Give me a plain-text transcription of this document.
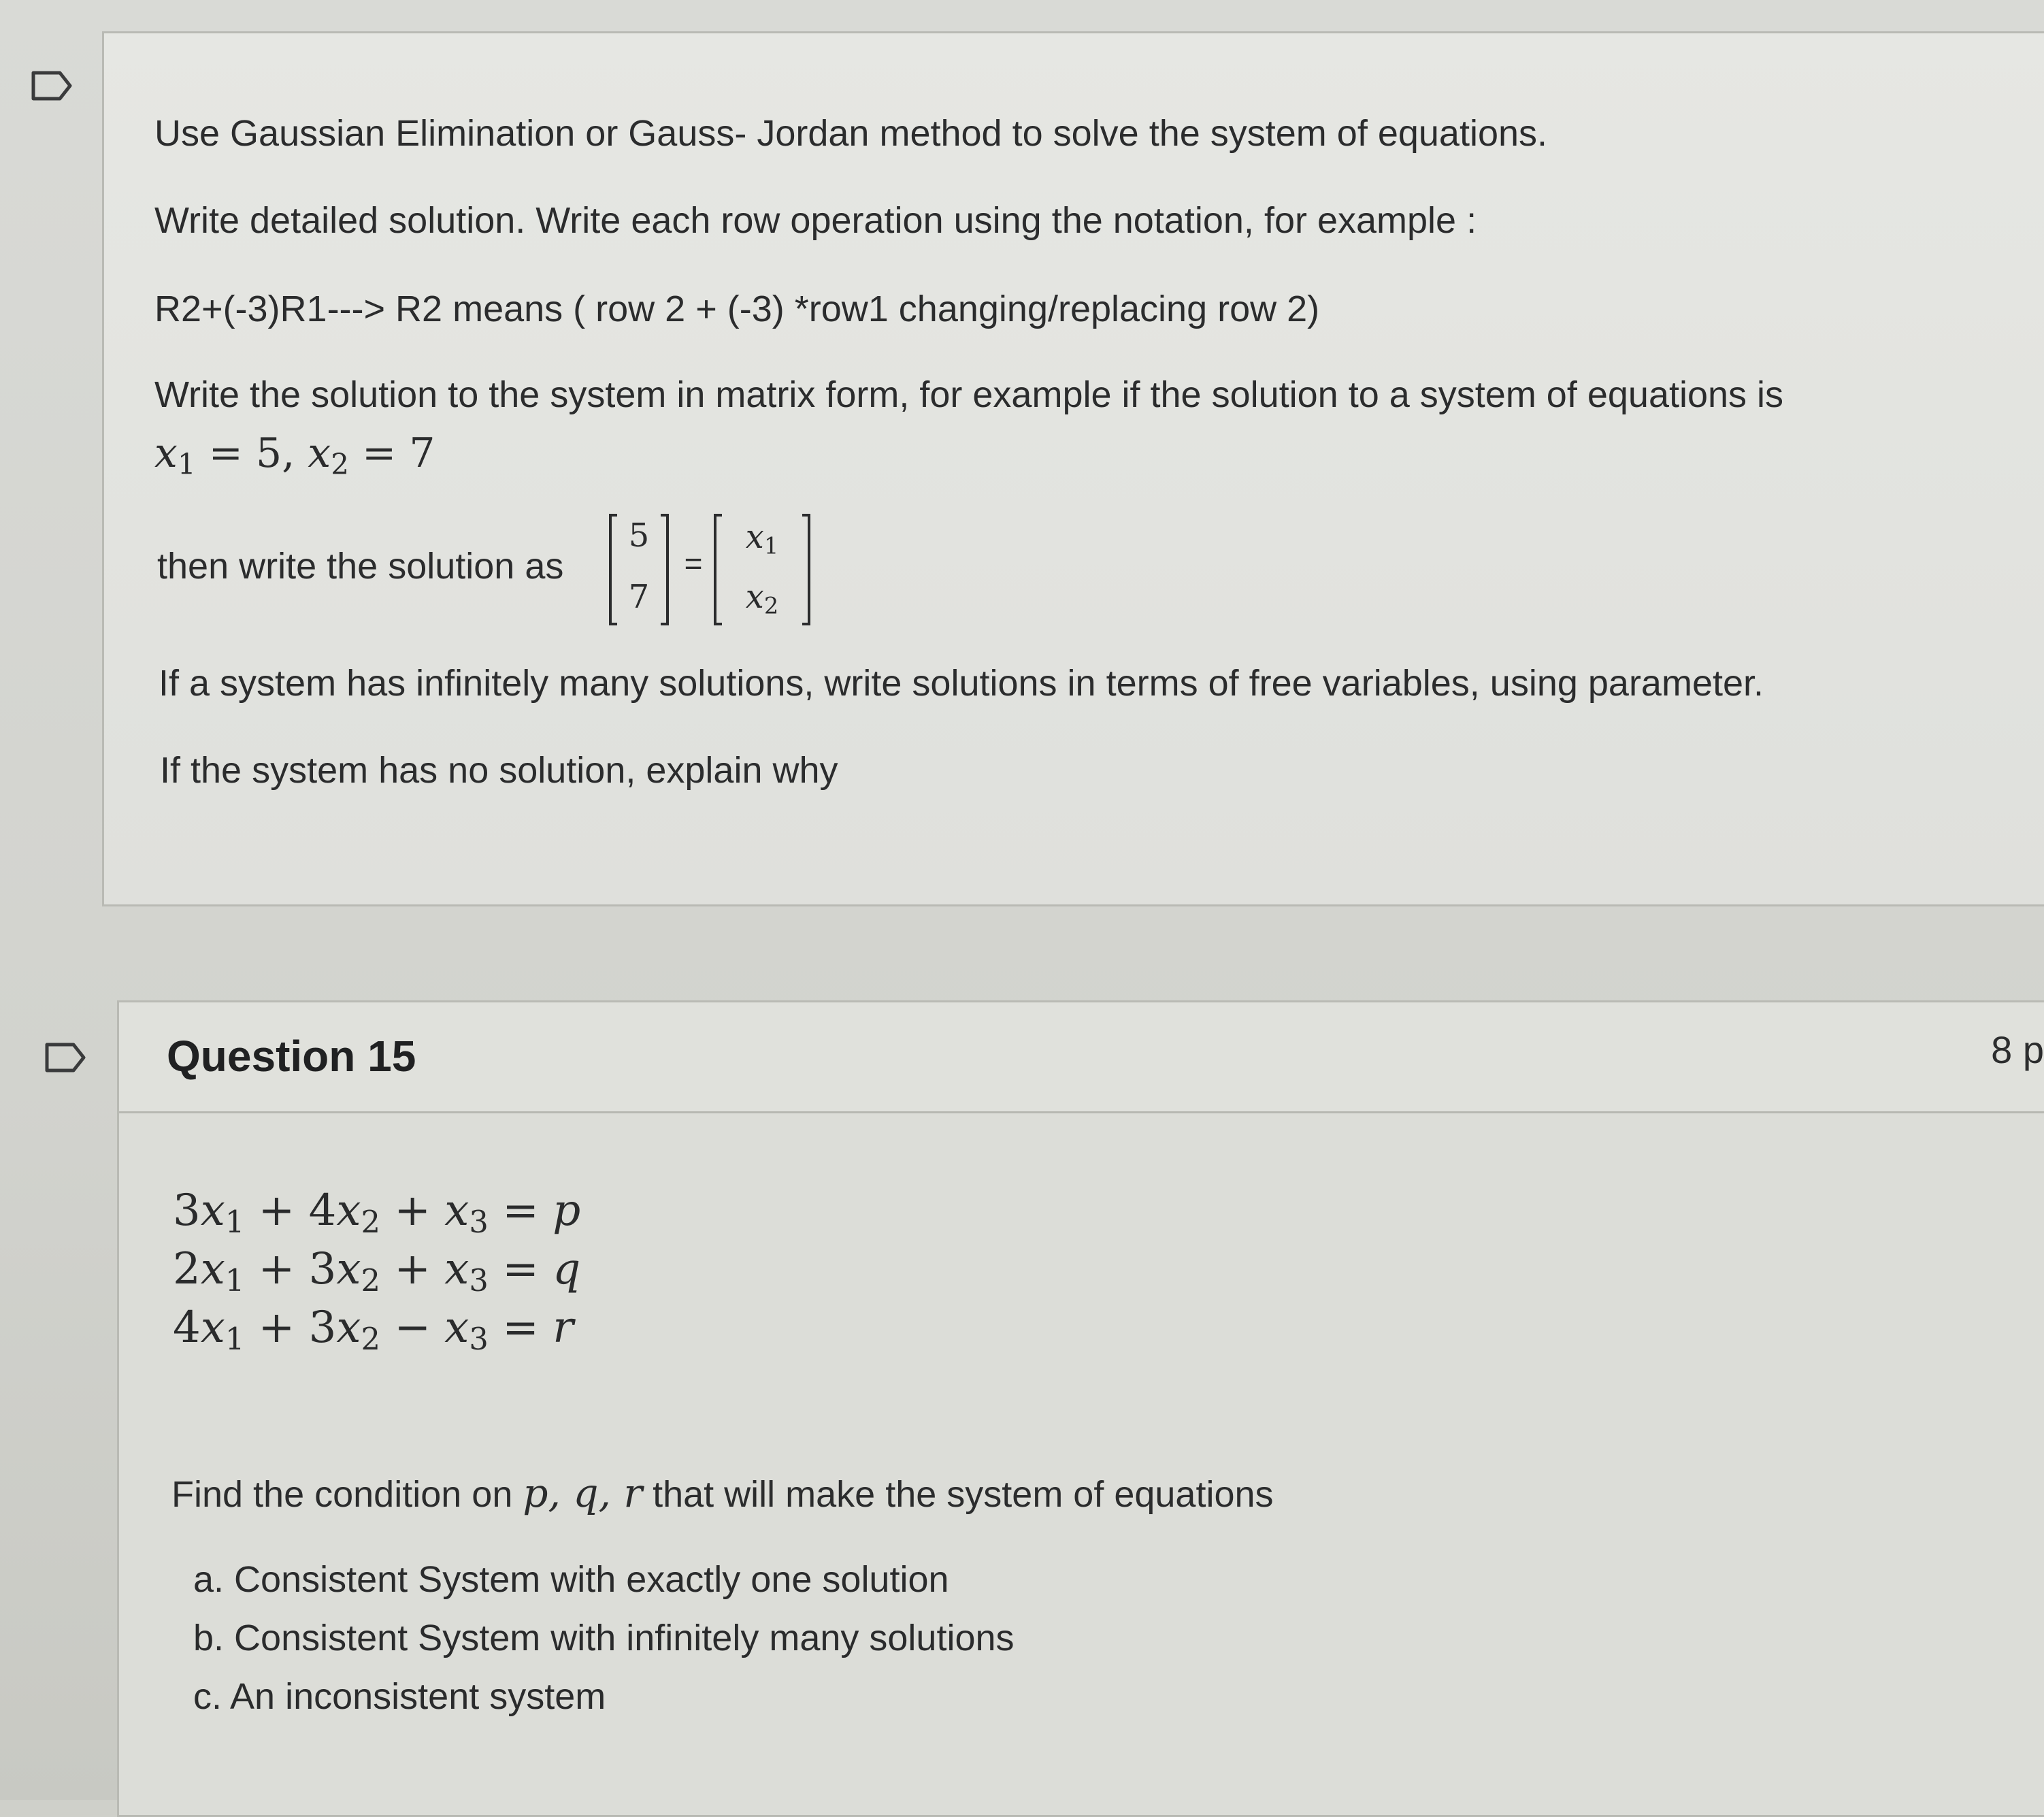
Use Gaussian Elimination or Gauss- Jordan method to solve the system of equations.
Write detailed solution. Write each row operation using the notation, for example :
R2+(-3)R1---> R2 means ( row 2 + (-3) *row1 changing/replacing row 2)
Write the solution to the system in matrix form, for example if the solution to a system of equations is
$x_1 = 5$, $x_2 = 7$
then write the solution as
5
7
=
$x_1$
$x_2$
If a system has infinitely many solutions, write solutions in terms of free variables, using parameter.
If the system has no solution, explain why
Question 15	8 p
$3x_1 + 4x_2 + x_3 = p$
$2x_1 + 3x_2 + x_3 = q$
$4x_1 + 3x_2 - x_3 = r$
Find the condition on p, q, r that will make the system of equations
a. Consistent System with exactly one solution
b. Consistent System with infinitely many solutions
c. An inconsistent system
